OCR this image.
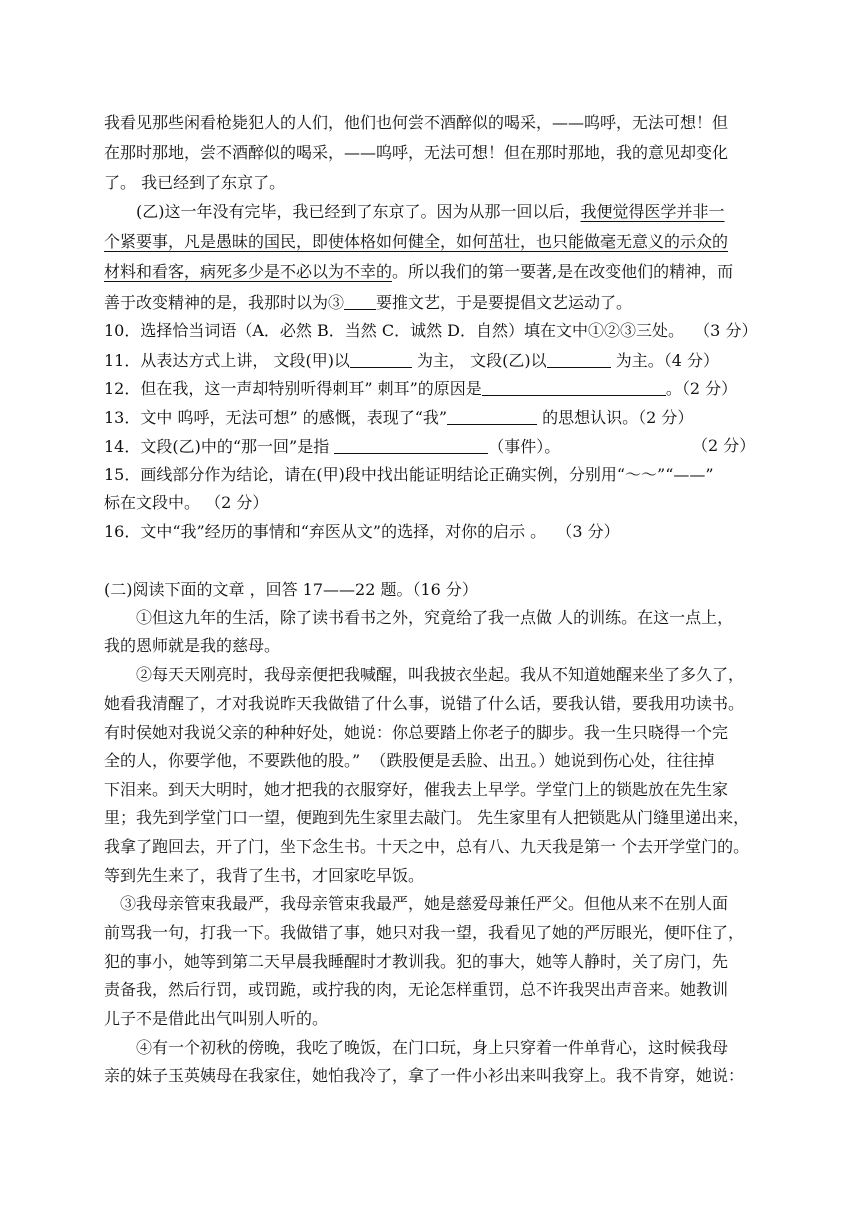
我看见那些闲看枪毙犯人的人们，他们也何尝不酒醉似的喝采，——呜呼，无法可想！但
在那时那地，尝不酒醉似的喝采，——呜呼，无法可想！但在那时那地，我的意见却变化
了。 我已经到了东京了。
(乙)这一年没有完毕，我已经到了东京了。因为从那一回以后，我便觉得医学并非一
个紧要事，凡是愚昧的国民，即使体格如何健全，如何茁壮，也只能做毫无意义的示众的
材料和看客，病死多少是不必以为不幸的。所以我们的第一要著,是在改变他们的精神，而
善于改变精神的是，我那时以为③ 要推文艺，于是要提倡文艺运动了。
10．选择恰当词语（A．必然 B．当然 C．诚然 D．自然）填在文中①②③三处。  （3 分）
11．从表达方式上讲， 文段(甲)以	为主， 文段(乙)以	为主。（4 分）
12．但在我，这一声却特别听得刺耳” 刺耳”的原因是	。（2 分）
13．文中 呜呼，无法可想” 的感慨，表现了“我”	的思想认识。（2 分）
14．文段(乙)中的“那一回”是指	（事件）。	（2 分）
15．画线部分作为结论，请在(甲)段中找出能证明结论正确实例，分别用“～～”“——”
标在文段中。 （2 分）
16．文中“我”经历的事情和“弃医从文”的选择，对你的启示 。  （3 分）
(二)阅读下面的文章 ，回答 17——22 题。（16 分）
①但这九年的生活，除了读书看书之外，究竟给了我一点做 人的训练。在这一点上，
我的恩师就是我的慈母。
②每天天刚亮时，我母亲便把我喊醒，叫我披衣坐起。我从不知道她醒来坐了多久了，
她看我清醒了，才对我说昨天我做错了什么事，说错了什么话，要我认错，要我用功读书。
有时侯她对我说父亲的种种好处，她说：你总要踏上你老子的脚步。我一生只晓得一个完
全的人，你要学他，不要跌他的股。”  （跌股便是丢脸、出丑。）她说到伤心处，往往掉
下泪来。到天大明时，她才把我的衣服穿好，催我去上早学。学堂门上的锁匙放在先生家
里；我先到学堂门口一望，便跑到先生家里去敲门。 先生家里有人把锁匙从门缝里递出来，
我拿了跑回去，开了门，坐下念生书。十天之中，总有八、九天我是第一 个去开学堂门的。
等到先生来了，我背了生书，才回家吃早饭。
③我母亲管束我最严，我母亲管束我最严，她是慈爱母兼任严父。但他从来不在别人面
前骂我一句，打我一下。我做错了事，她只对我一望，我看见了她的严厉眼光，便吓住了，
犯的事小，她等到第二天早晨我睡醒时才教训我。犯的事大，她等人静时，关了房门，先
责备我，然后行罚，或罚跪，或拧我的肉，无论怎样重罚，总不许我哭出声音来。她教训
儿子不是借此出气叫别人听的。
④有一个初秋的傍晚，我吃了晚饭，在门口玩，身上只穿着一件单背心，这时候我母
亲的妹子玉英姨母在我家住，她怕我冷了，拿了一件小衫出来叫我穿上。我不肯穿，她说：
